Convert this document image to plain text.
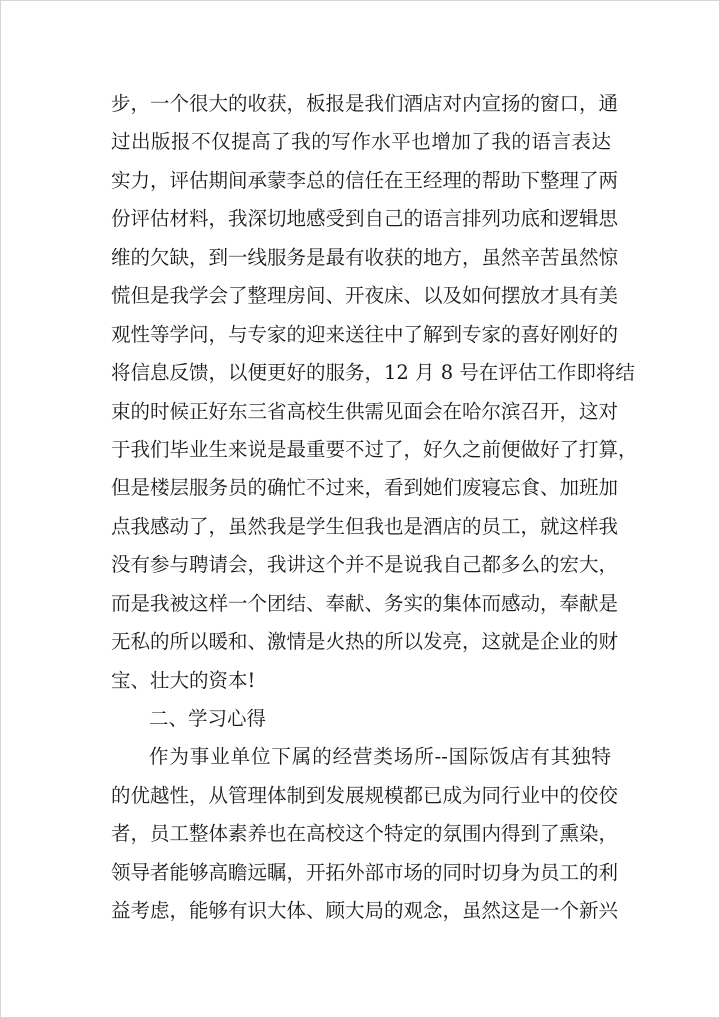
步，一个很大的收获，板报是我们酒店对内宣扬的窗口，通
过出版报不仅提高了我的写作水平也增加了我的语言表达
实力，评估期间承蒙李总的信任在王经理的帮助下整理了两
份评估材料，我深切地感受到自己的语言排列功底和逻辑思
维的欠缺，到一线服务是最有收获的地方，虽然辛苦虽然惊
慌但是我学会了整理房间、开夜床、以及如何摆放才具有美
观性等学问，与专家的迎来送往中了解到专家的喜好刚好的
将信息反馈，以便更好的服务，12 月 8 号在评估工作即将结
束的时候正好东三省高校生供需见面会在哈尔滨召开，这对
于我们毕业生来说是最重要不过了，好久之前便做好了打算，
但是楼层服务员的确忙不过来，看到她们废寝忘食、加班加
点我感动了，虽然我是学生但我也是酒店的员工，就这样我
没有参与聘请会，我讲这个并不是说我自己都多么的宏大，
而是我被这样一个团结、奉献、务实的集体而感动，奉献是
无私的所以暖和、激情是火热的所以发亮，这就是企业的财
宝、壮大的资本!
二、学习心得
作为事业单位下属的经营类场所--国际饭店有其独特
的优越性，从管理体制到发展规模都已成为同行业中的佼佼
者，员工整体素养也在高校这个特定的氛围内得到了熏染，
领导者能够高瞻远瞩，开拓外部市场的同时切身为员工的利
益考虑，能够有识大体、顾大局的观念，虽然这是一个新兴
